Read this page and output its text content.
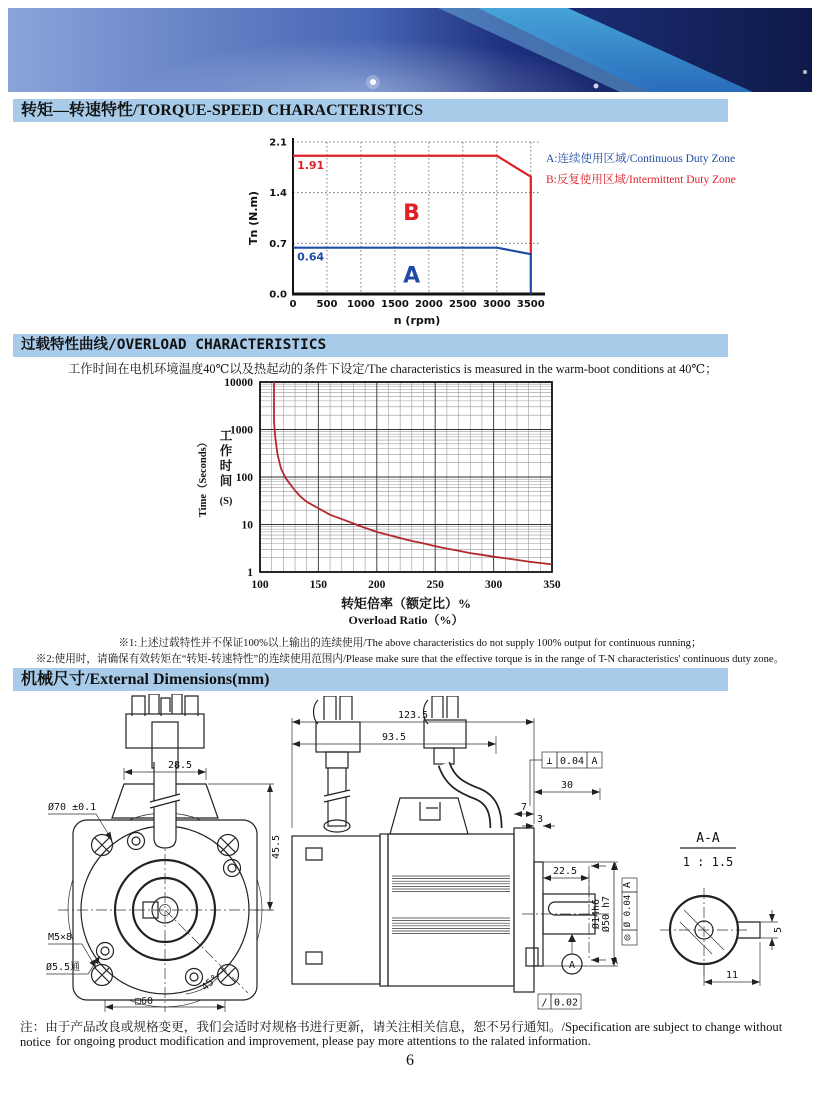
转矩—转速特性/TORQUE-SPEED CHARACTERISTICS
0 500 1000 1500 2000 2500 3000 3500
0.0
0.7
1.4
2.1
1.91
0.64
B
A
n (rpm)
Tn (N.m)
A:连续使用区域/Continuous Duty Zone
B:反复使用区域/Intermittent Duty Zone
过载特性曲线/OVERLOAD CHARACTERISTICS
工作时间在电机环境温度40℃以及热起动的条件下设定/The characteristics is measured in the warm-boot conditions at 40℃；
100	150	200	250	300	350
1
10
100
1000
10000
转矩倍率（额定比）%
Overload Ratio（%）
工
作
时
间
(S)
Time（Seconds）
※1:上述过载特性并不保证100%以上输出的连续使用/The above characteristics do not supply 100% output for continuous running；
※2:使用时，请确保有效转矩在“转矩-转速特性”的连续使用范围内/Please make sure that the effective torque is in the range of T-N characteristics' continuous duty zone。
机械尺寸/External Dimensions(mm)
28.5
45.5
Ø70 ±0.1
M5×8
Ø5.5通
□60
45°
123.5
93.5
30
7
3
22.5
Ø14h6 Ø50 h7
A
A
⊥ 0.04 A
A
Ø 0.04
◎
A
/ 0.02
A-A
1 : 1.5
5
11
注：由于产品改良或规格变更，我们会适时对规格书进行更新，请关注相关信息，恕不另行通知。/Specification are subject to change without notice for ongoing product modification and improvement, please pay more attentions to the ralated information.
6
